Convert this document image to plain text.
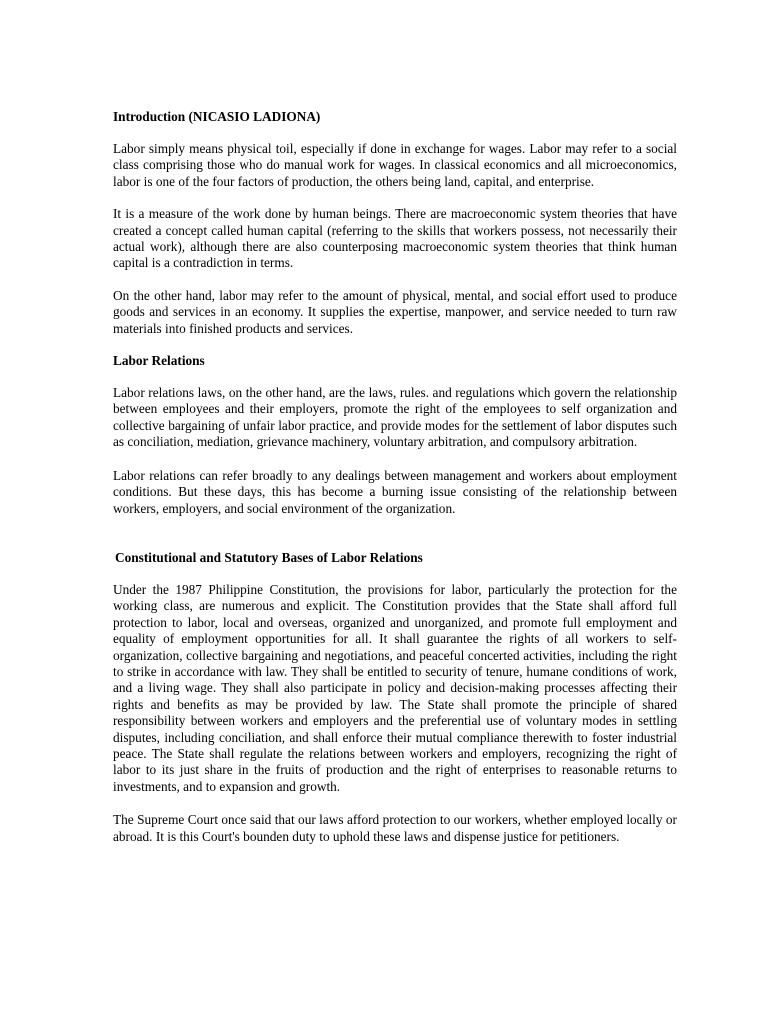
Introduction (NICASIO LADIONA)

Labor simply means physical toil, especially if done in exchange for wages. Labor may refer to a social class comprising those who do manual work for wages. In classical economics and all microeconomics, labor is one of the four factors of production, the others being land, capital, and enterprise.

It is a measure of the work done by human beings. There are macroeconomic system theories that have created a concept called human capital (referring to the skills that workers possess, not necessarily their actual work), although there are also counterposing macroeconomic system theories that think human capital is a contradiction in terms.

On the other hand, labor may refer to the amount of physical, mental, and social effort used to produce goods and services in an economy. It supplies the expertise, manpower, and service needed to turn raw materials into finished products and services.

Labor Relations

Labor relations laws, on the other hand, are the laws, rules. and regulations which govern the relationship between employees and their employers, promote the right of the employees to self organization and collective bargaining of unfair labor practice, and provide modes for the settlement of labor disputes such as conciliation, mediation, grievance machinery, voluntary arbitration, and compulsory arbitration.

Labor relations can refer broadly to any dealings between management and workers about employment conditions. But these days, this has become a burning issue consisting of the relationship between workers, employers, and social environment of the organization.

Constitutional and Statutory Bases of Labor Relations

Under the 1987 Philippine Constitution, the provisions for labor, particularly the protection for the working class, are numerous and explicit. The Constitution provides that the State shall afford full protection to labor, local and overseas, organized and unorganized, and promote full employment and equality of employment opportunities for all. It shall guarantee the rights of all workers to self-organization, collective bargaining and negotiations, and peaceful concerted activities, including the right to strike in accordance with law. They shall be entitled to security of tenure, humane conditions of work, and a living wage. They shall also participate in policy and decision-making processes affecting their rights and benefits as may be provided by law. The State shall promote the principle of shared responsibility between workers and employers and the preferential use of voluntary modes in settling disputes, including conciliation, and shall enforce their mutual compliance therewith to foster industrial peace. The State shall regulate the relations between workers and employers, recognizing the right of labor to its just share in the fruits of production and the right of enterprises to reasonable returns to investments, and to expansion and growth.

The Supreme Court once said that our laws afford protection to our workers, whether employed locally or abroad. It is this Court's bounden duty to uphold these laws and dispense justice for petitioners.
